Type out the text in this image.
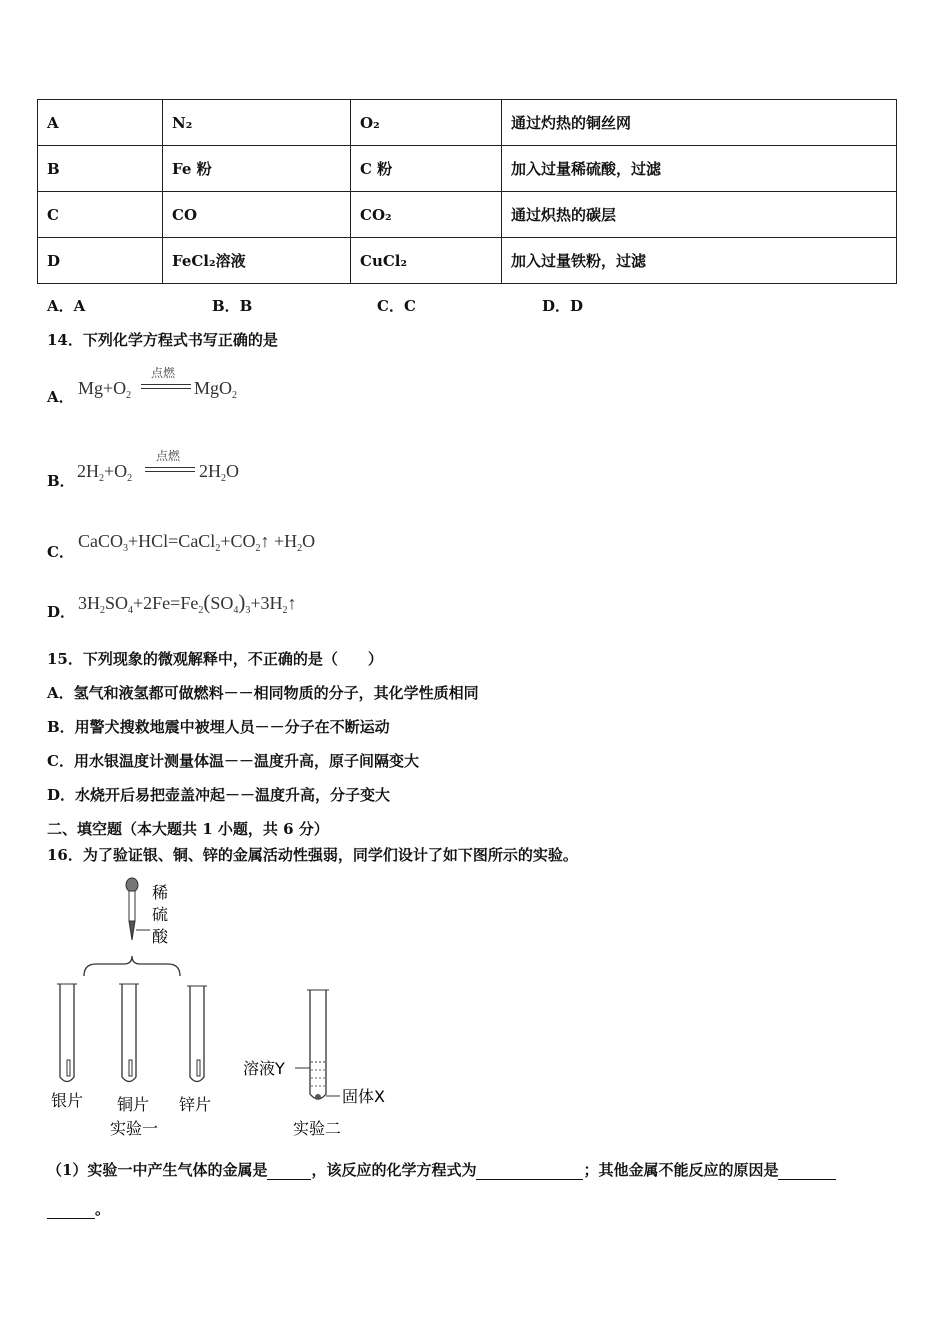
A	N₂	O₂	通过灼热的铜丝网
B	Fe 粉	C 粉	加入过量稀硫酸，过滤
C	CO	CO₂	通过炽热的碳层
D	FeCl₂溶液	CuCl₂	加入过量铁粉，过滤
A．A	B．B	C．C	D．D
14．下列化学方程式书写正确的是
A． $Mg+O_2$
点燃
MgO$_2$
B． $2H_2+O_2$
点燃
$2H_2O$
C．
$CaCO_3+HCl=CaCl_2+CO_2↑ +H_2O$
D． $3H_2SO_4+2Fe=Fe_2(SO_4)_3+3H_2↑$
15．下列现象的微观解释中，不正确的是（　　）
A．氢气和液氢都可做燃料－－相同物质的分子，其化学性质相同
B．用警犬搜救地震中被埋人员－－分子在不断运动
C．用水银温度计测量体温－－温度升高，原子间隔变大
D．水烧开后易把壶盖冲起－－温度升高，分子变大
二、填空题（本大题共 1 小题，共 6 分）
16．为了验证银、铜、锌的金属活动性强弱，同学们设计了如下图所示的实验。
稀
硫
酸
银片 铜片 锌片
实验一
溶液Y
固体X
实验二
（1）实验一中产生气体的金属是	，该反应的化学方程式为	；其他金属不能反应的原因是
。
